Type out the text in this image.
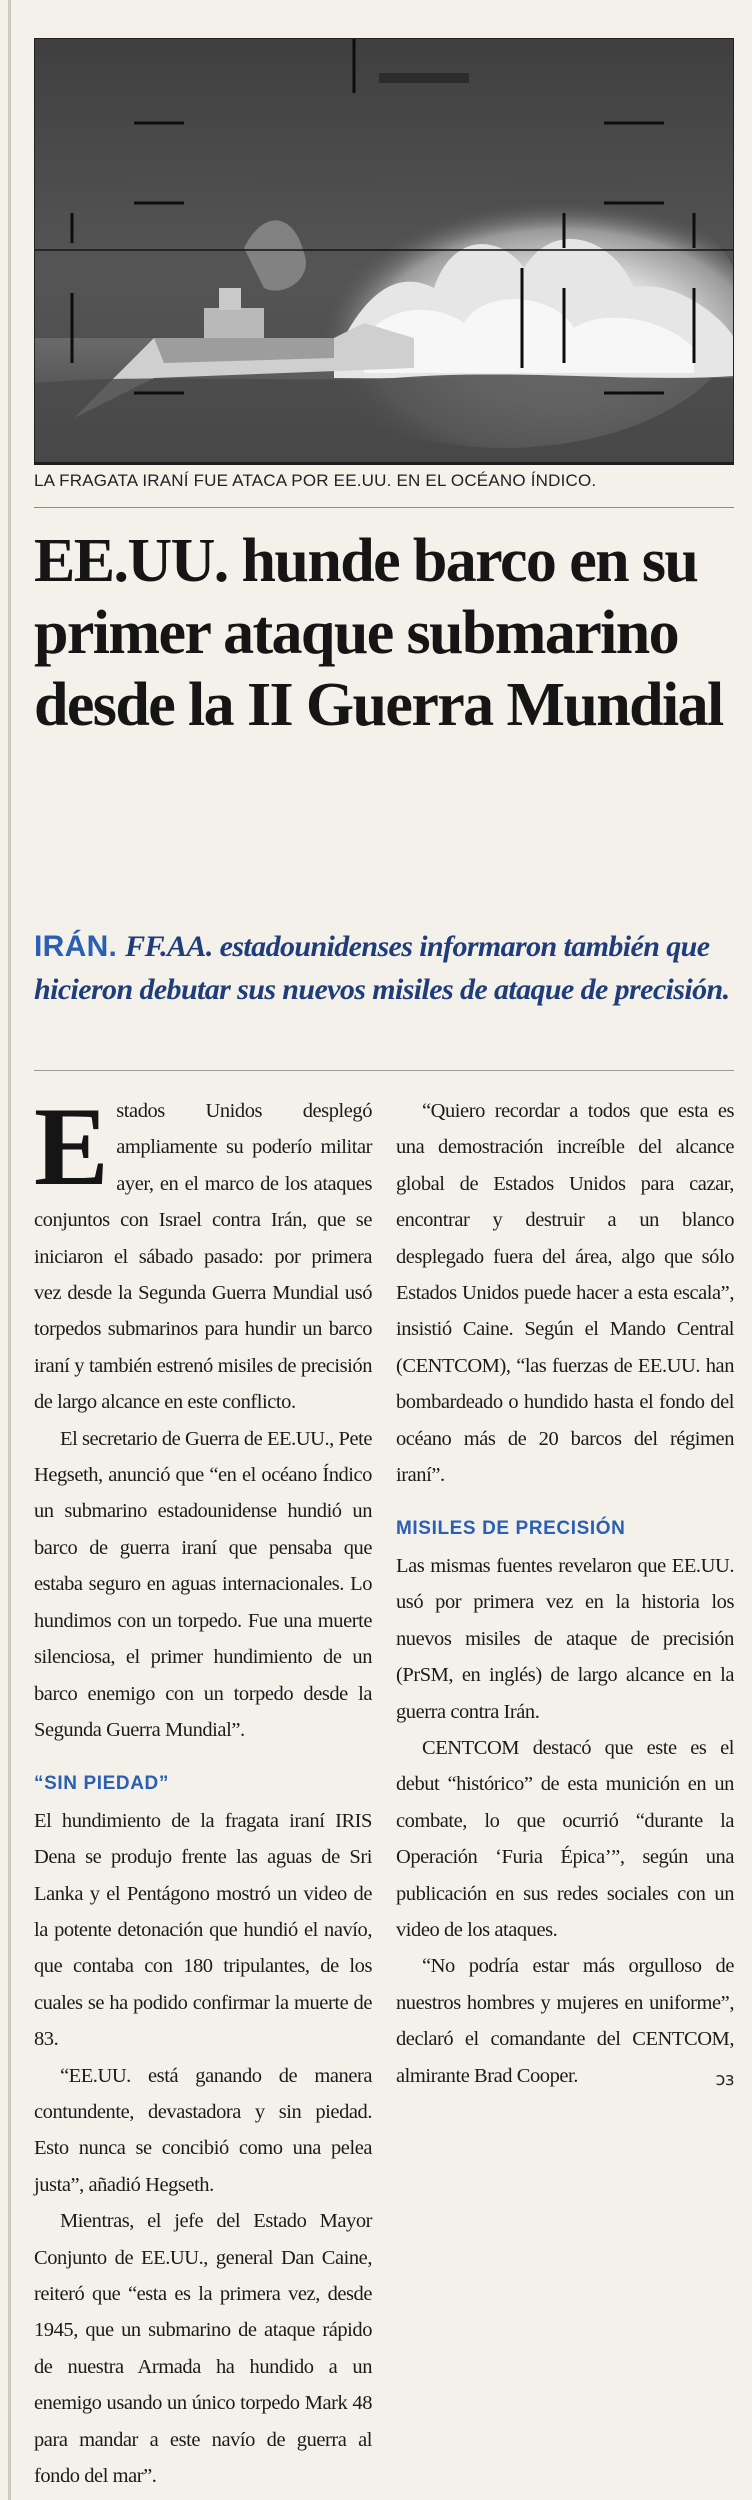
LA FRAGATA IRANÍ FUE ATACA POR EE.UU. EN EL OCÉANO ÍNDICO.
EE.UU. hunde barco en su primer ataque submarino desde la II Guerra Mundial

IRÁN. FF.AA. estadounidenses informaron también que hicieron debutar sus nuevos misiles de ataque de precisión.

Estados Unidos desplegó ampliamente su poderío militar ayer, en el marco de los ataques conjuntos con Israel contra Irán, que se iniciaron el sábado pasado: por primera vez desde la Segunda Guerra Mundial usó torpedos submarinos para hundir un barco iraní y también estrenó misiles de precisión de largo alcance en este conflicto.

El secretario de Guerra de EE.UU., Pete Hegseth, anunció que “en el océano Índico un submarino estadounidense hundió un barco de guerra iraní que pensaba que estaba seguro en aguas internacionales. Lo hundimos con un torpedo. Fue una muerte silenciosa, el primer hundimiento de un barco enemigo con un torpedo desde la Segunda Guerra Mundial”.

“SIN PIEDAD”

El hundimiento de la fragata iraní IRIS Dena se produjo frente las aguas de Sri Lanka y el Pentágono mostró un video de la potente detonación que hundió el navío, que contaba con 180 tripulantes, de los cuales se ha podido confirmar la muerte de 83.

“EE.UU. está ganando de manera contundente, devastadora y sin piedad. Esto nunca se concibió como una pelea justa”, añadió Hegseth.

Mientras, el jefe del Estado Mayor Conjunto de EE.UU., general Dan Caine, reiteró que “esta es la primera vez, desde 1945, que un submarino de ataque rápido de nuestra Armada ha hundido a un enemigo usando un único torpedo Mark 48 para mandar a este navío de guerra al fondo del mar”.

“Quiero recordar a todos que esta es una demostración increíble del alcance global de Estados Unidos para cazar, encontrar y destruir a un blanco desplegado fuera del área, algo que sólo Estados Unidos puede hacer a esta escala”, insistió Caine. Según el Mando Central (CENTCOM), “las fuerzas de EE.UU. han bombardeado o hundido hasta el fondo del océano más de 20 barcos del régimen iraní”.

MISILES DE PRECISIÓN

Las mismas fuentes revelaron que EE.UU. usó por primera vez en la historia los nuevos misiles de ataque de precisión (PrSM, en inglés) de largo alcance en la guerra contra Irán.

CENTCOM destacó que este es el debut “histórico” de esta munición en un combate, lo que ocurrió “durante la Operación ‘Furia Épica’”, según una publicación en sus redes sociales con un video de los ataques.

“No podría estar más orgulloso de nuestros hombres y mujeres en uniforme”, declaró el comandante del CENTCOM, almirante Brad Cooper.	ↄз
